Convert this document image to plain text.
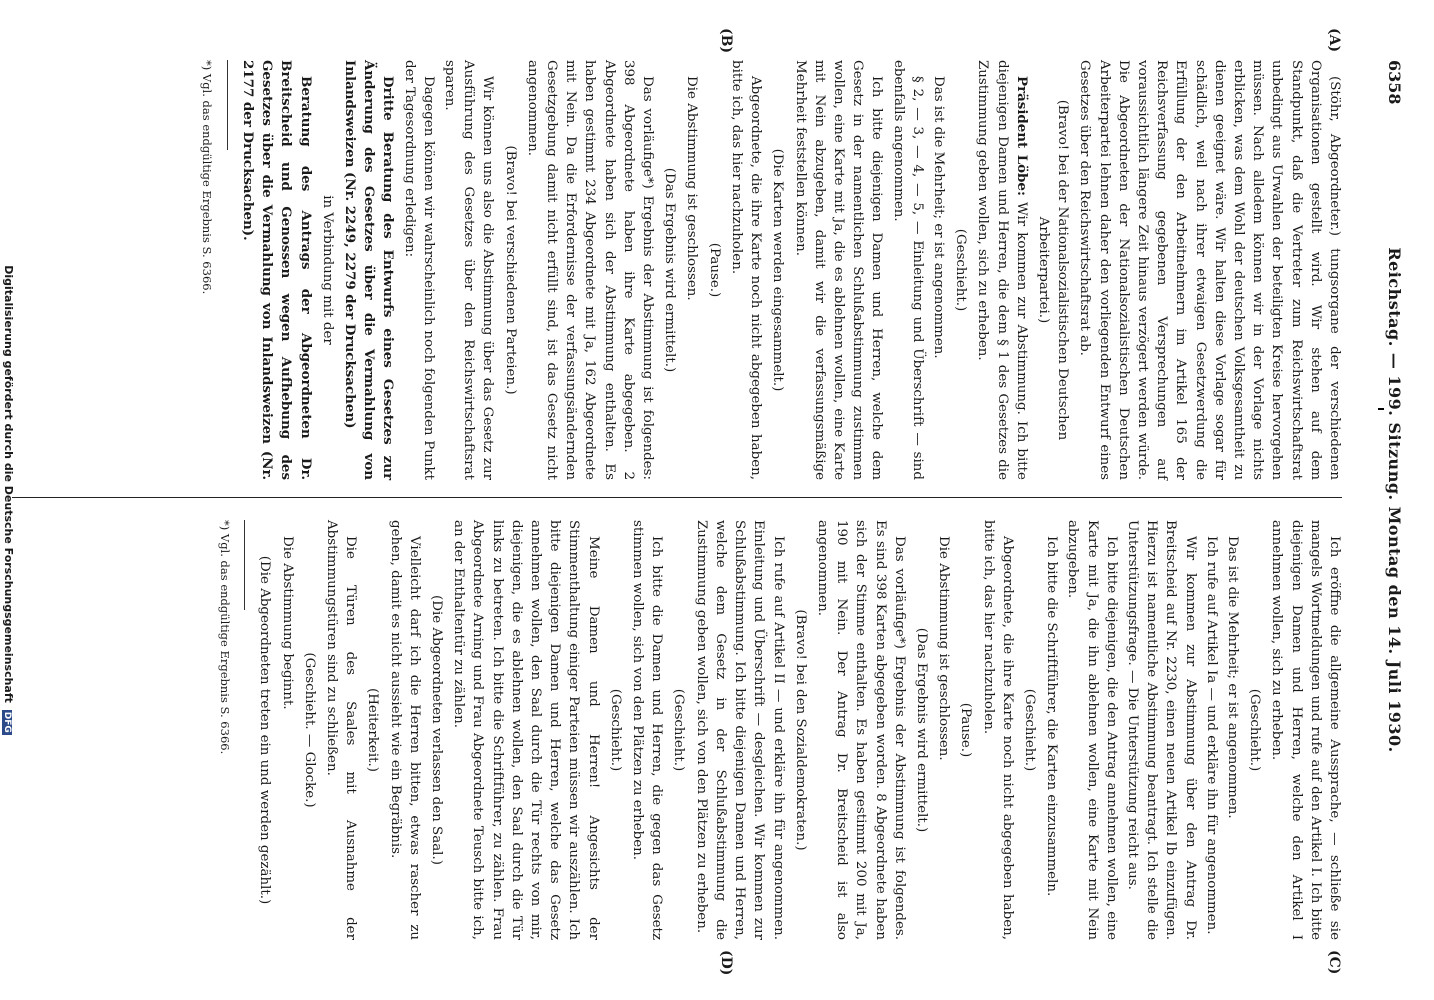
6358
Reichstag. — 199. Sitzung. Montag den 14. Juli 1930.
(A)
(B)
(C)
(D)

(Stöhr, Abgeordneter.) tungsorgane der verschiedenen Organisationen gestellt wird. Wir stehen auf dem Standpunkt, daß die Vertreter zum Reichswirtschaftsrat unbedingt aus Urwahlen der beteiligten Kreise hervorgehen müssen. Nach alledem können wir in der Vorlage nichts erblicken, was dem Wohl der deutschen Volksgesamtheit zu dienen geeignet wäre. Wir halten diese Vorlage sogar für schädlich, weil nach ihrer etwaigen Gesetzwerdung die Erfüllung der den Arbeitnehmern im Artikel 165 der Reichsverfassung gegebenen Versprechungen auf voraussichtlich längere Zeit hinaus verzögert werden würde. Die Abgeordneten der Nationalsozialistischen Deutschen Arbeiterpartei lehnen daher den vorliegenden Entwurf eines Gesetzes über den Reichswirtschaftsrat ab.

(Bravo! bei der Nationalsozialistischen Deutschen Arbeiterpartei.)

Präsident Löbe: Wir kommen zur Abstimmung. Ich bitte diejenigen Damen und Herren, die dem § 1 des Gesetzes die Zustimmung geben wollen, sich zu erheben.

(Geschieht.)

Das ist die Mehrheit; er ist angenommen.

§ 2, — 3, — 4, — 5, — Einleitung und Überschrift — sind ebenfalls angenommen.

Ich bitte diejenigen Damen und Herren, welche dem Gesetz in der namentlichen Schlußabstimmung zustimmen wollen, eine Karte mit Ja, die es ablehnen wollen, eine Karte mit Nein abzugeben, damit wir die verfassungsmäßige Mehrheit feststellen können.

(Die Karten werden eingesammelt.)

Abgeordnete, die ihre Karte noch nicht abgegeben haben, bitte ich, das hier nachzuholen.

(Pause.)

Die Abstimmung ist geschlossen.

(Das Ergebnis wird ermittelt.)

Das vorläufige*) Ergebnis der Abstimmung ist folgendes: 398 Abgeordnete haben ihre Karte abgegeben. 2 Abgeordnete haben sich der Abstimmung enthalten. Es haben gestimmt 234 Abgeordnete mit Ja, 162 Abgeordnete mit Nein. Da die Erfordernisse der verfassungsändernden Gesetzgebung damit nicht erfüllt sind, ist das Gesetz nicht angenommen.

(Bravo! bei verschiedenen Parteien.)

Wir können uns also die Abstimmung über das Gesetz zur Ausführung des Gesetzes über den Reichswirtschaftsrat sparen.

Dagegen können wir wahrscheinlich noch folgenden Punkt der Tagesordnung erledigen:

Dritte Beratung des Entwurfs eines Gesetzes zur Änderung des Gesetzes über die Vermahlung von Inlandsweizen (Nr. 2249, 2279 der Drucksachen)

in Verbindung mit der

Beratung des Antrags der Abgeordneten Dr. Breitscheid und Genossen wegen Aufhebung des Gesetzes über die Vermahlung von Inlandsweizen (Nr. 2177 der Drucksachen).

*) Vgl. das endgültige Ergebnis S. 6366.

Ich eröffne die allgemeine Aussprache, — schließe sie mangels Wortmeldungen und rufe auf den Artikel I. Ich bitte diejenigen Damen und Herren, welche den Artikel I annehmen wollen, sich zu erheben.

(Geschieht.)

Das ist die Mehrheit; er ist angenommen.

Ich rufe auf Artikel Ia — und erkläre ihn für angenommen.

Wir kommen zur Abstimmung über den Antrag Dr. Breitscheid auf Nr. 2230, einen neuen Artikel Ib einzufügen. Hierzu ist namentliche Abstimmung beantragt. Ich stelle die Unterstützungsfrage. — Die Unterstützung reicht aus.

Ich bitte diejenigen, die den Antrag annehmen wollen, eine Karte mit Ja, die ihn ablehnen wollen, eine Karte mit Nein abzugeben.

Ich bitte die Schriftführer, die Karten einzusammeln.

(Geschieht.)

Abgeordnete, die ihre Karte noch nicht abgegeben haben, bitte ich, das hier nachzuholen.

(Pause.)

Die Abstimmung ist geschlossen.

(Das Ergebnis wird ermittelt.)

Das vorläufige*) Ergebnis der Abstimmung ist folgendes. Es sind 398 Karten abgegeben worden. 8 Abgeordnete haben sich der Stimme enthalten. Es haben gestimmt 200 mit Ja, 190 mit Nein. Der Antrag Dr. Breitscheid ist also angenommen.

(Bravo! bei den Sozialdemokraten.)

Ich rufe auf Artikel II — und erkläre ihn für angenommen. Einleitung und Überschrift — desgleichen. Wir kommen zur Schlußabstimmung. Ich bitte diejenigen Damen und Herren, welche dem Gesetz in der Schlußabstimmung die Zustimmung geben wollen, sich von den Plätzen zu erheben.

(Geschieht.)

Ich bitte die Damen und Herren, die gegen das Gesetz stimmen wollen, sich von den Plätzen zu erheben.

(Geschieht.)

Meine Damen und Herren! Angesichts der Stimmenthaltung einiger Parteien müssen wir auszählen. Ich bitte diejenigen Damen und Herren, welche das Gesetz annehmen wollen, den Saal durch die Tür rechts von mir, diejenigen, die es ablehnen wollen, den Saal durch die Tür links zu betreten. Ich bitte die Schriftführer, zu zählen. Frau Abgeordnete Arning und Frau Abgeordnete Teusch bitte ich, an der Enthaltentür zu zählen.

(Die Abgeordneten verlassen den Saal.)

Vielleicht darf ich die Herren bitten, etwas rascher zu gehen, damit es nicht aussieht wie ein Begräbnis.

(Heiterkeit.)

Die Türen des Saales mit Ausnahme der Abstimmungstüren sind zu schließen.

(Geschieht. — Glocke.)

Die Abstimmung beginnt.

(Die Abgeordneten treten ein und werden gezählt.)

*) Vgl. das endgültige Ergebnis S. 6366.

Digitalisierung gefördert durch die Deutsche Forschungsgemeinschaft DFG
